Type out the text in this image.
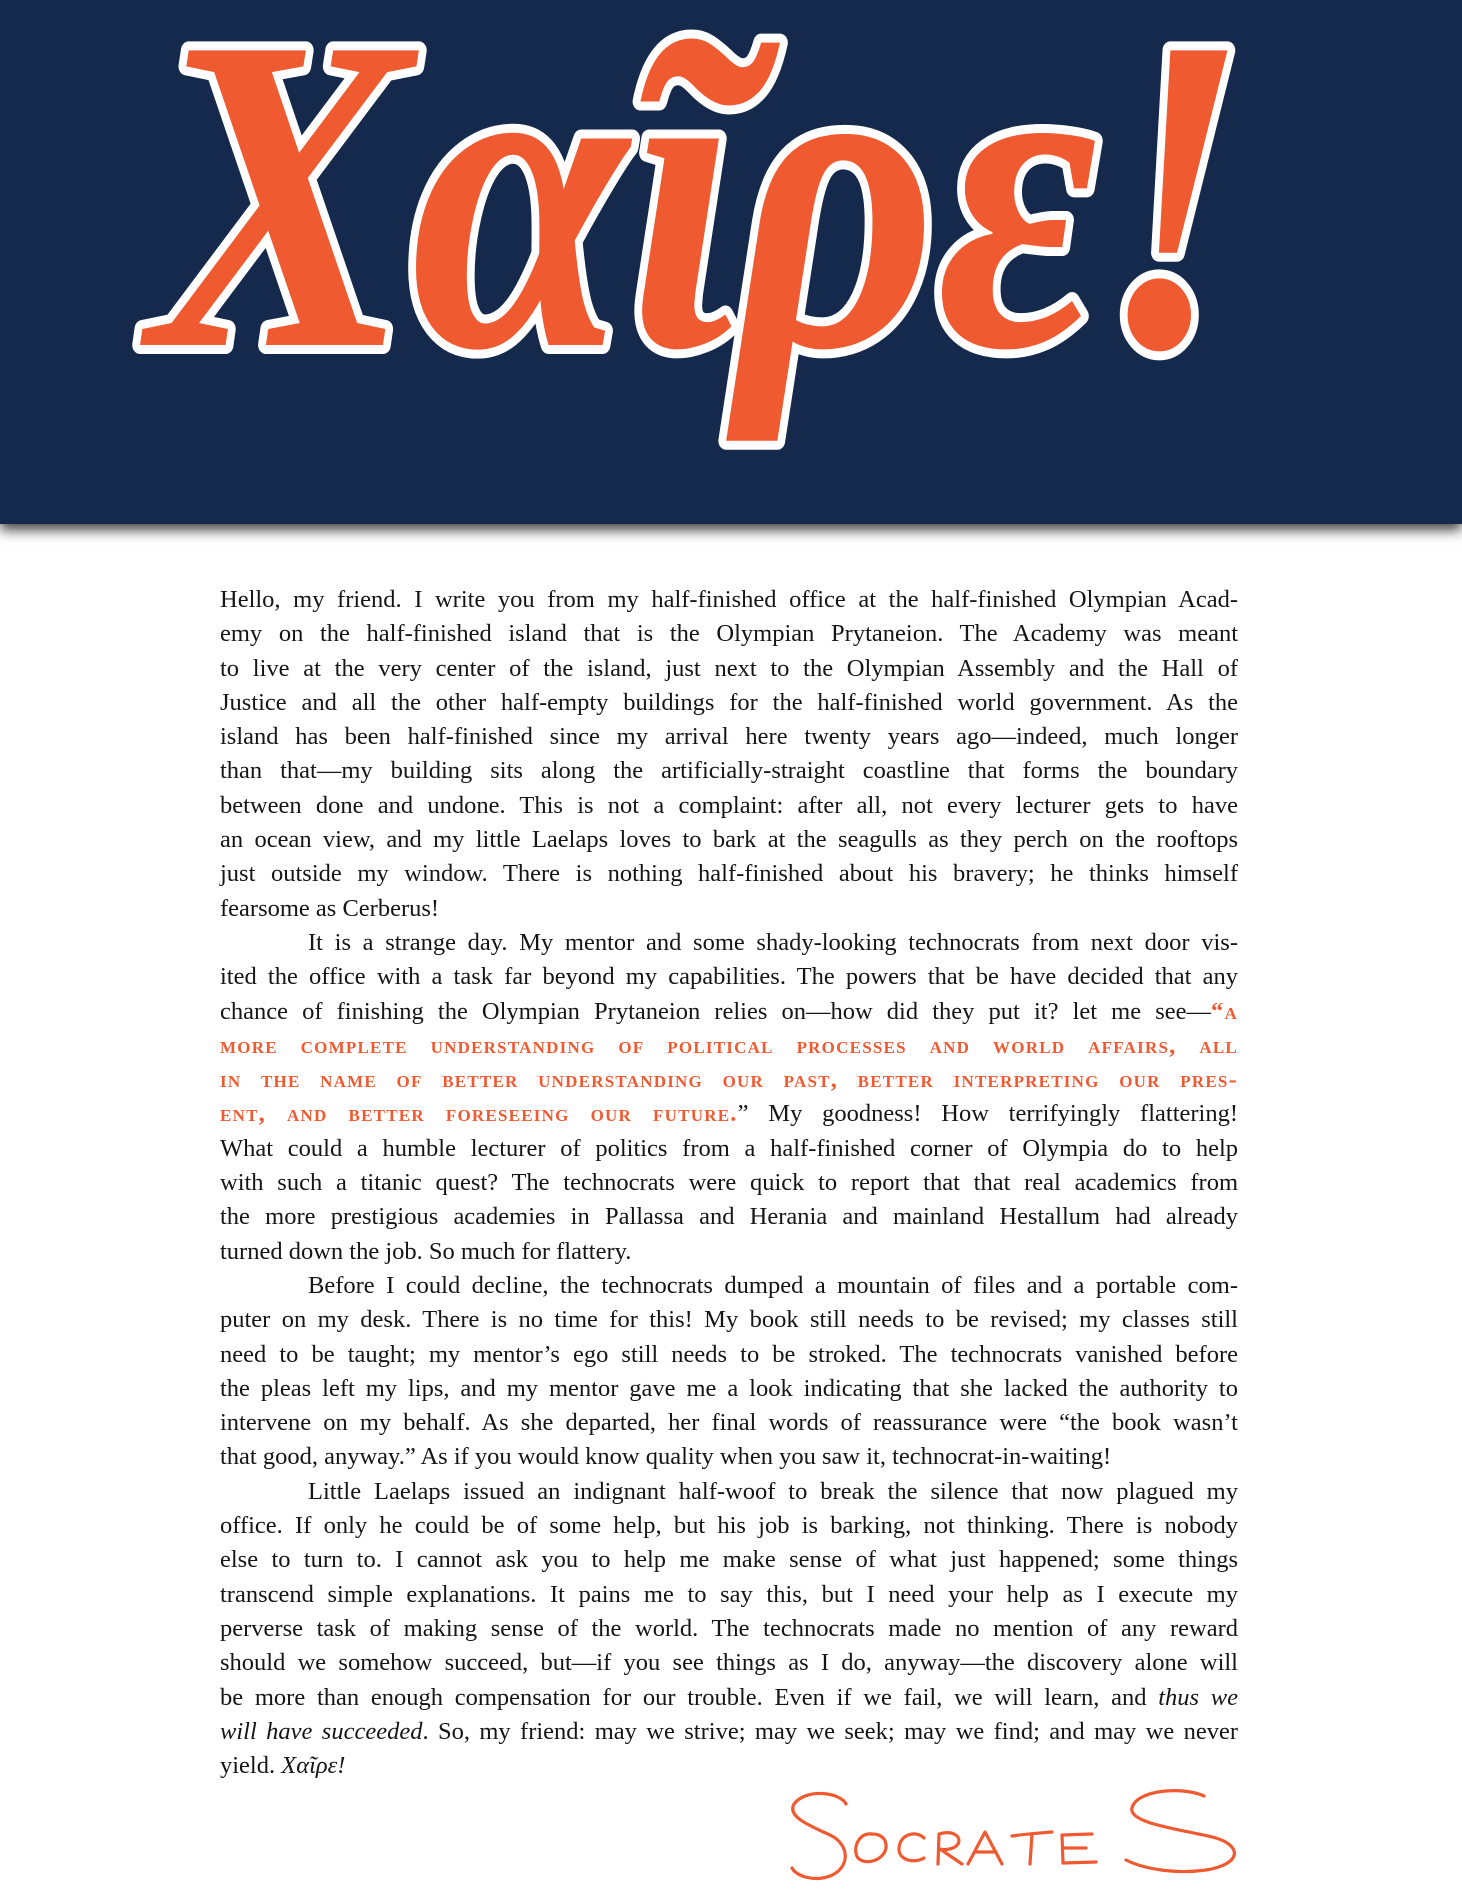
Χαῖρε!
Hello, my friend. I write you from my half-finished office at the half-finished Olympian Acad-
emy on the half-finished island that is the Olympian Prytaneion. The Academy was meant
to live at the very center of the island, just next to the Olympian Assembly and the Hall of
Justice and all the other half-empty buildings for the half-finished world government. As the
island has been half-finished since my arrival here twenty years ago—indeed, much longer
than that—my building sits along the artificially-straight coastline that forms the boundary
between done and undone. This is not a complaint: after all, not every lecturer gets to have
an ocean view, and my little Laelaps loves to bark at the seagulls as they perch on the rooftops
just outside my window. There is nothing half-finished about his bravery; he thinks himself
fearsome as Cerberus!
It is a strange day. My mentor and some shady-looking technocrats from next door vis-
ited the office with a task far beyond my capabilities. The powers that be have decided that any
chance of finishing the Olympian Prytaneion relies on—how did they put it? let me see—“a
more complete understanding of political processes and world affairs, all
in the name of better understanding our past, better interpreting our pres-
ent, and better foreseeing our future.” My goodness! How terrifyingly flattering!
What could a humble lecturer of politics from a half-finished corner of Olympia do to help
with such a titanic quest? The technocrats were quick to report that that real academics from
the more prestigious academies in Pallassa and Herania and mainland Hestallum had already
turned down the job. So much for flattery.
Before I could decline, the technocrats dumped a mountain of files and a portable com-
puter on my desk. There is no time for this! My book still needs to be revised; my classes still
need to be taught; my mentor’s ego still needs to be stroked. The technocrats vanished before
the pleas left my lips, and my mentor gave me a look indicating that she lacked the authority to
intervene on my behalf. As she departed, her final words of reassurance were “the book wasn’t
that good, anyway.” As if you would know quality when you saw it, technocrat-in-waiting!
Little Laelaps issued an indignant half-woof to break the silence that now plagued my
office. If only he could be of some help, but his job is barking, not thinking. There is nobody
else to turn to. I cannot ask you to help me make sense of what just happened; some things
transcend simple explanations. It pains me to say this, but I need your help as I execute my
perverse task of making sense of the world. The technocrats made no mention of any reward
should we somehow succeed, but—if you see things as I do, anyway—the discovery alone will
be more than enough compensation for our trouble. Even if we fail, we will learn, and thus we
will have succeeded. So, my friend: may we strive; may we seek; may we find; and may we never
yield. Χαῖρε!
